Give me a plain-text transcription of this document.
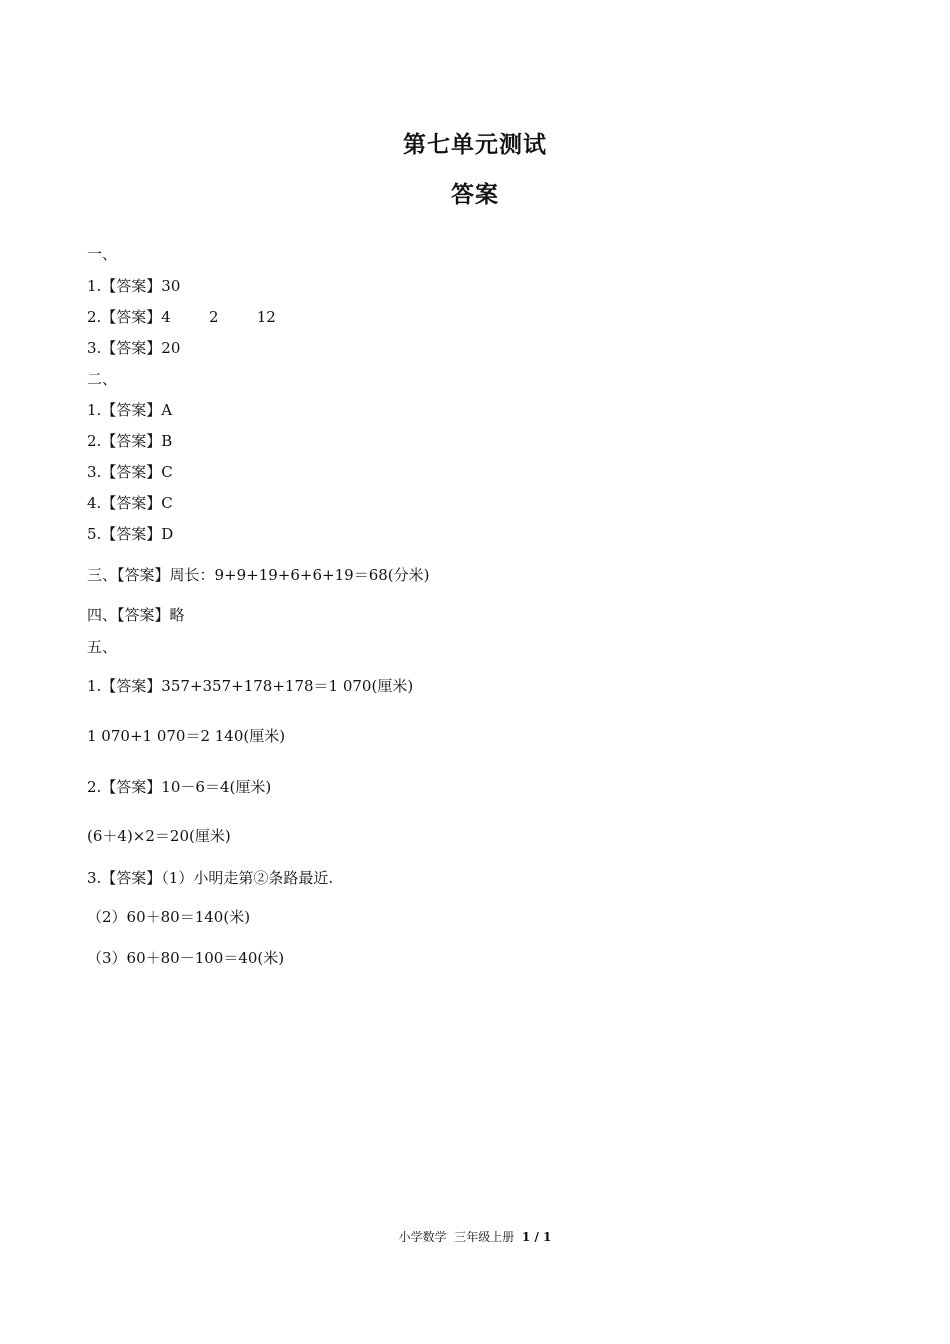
第七单元测试
答案
一、
1.【答案】30
2.【答案】4        2        12
3.【答案】20
二、
1.【答案】A
2.【答案】B
3.【答案】C
4.【答案】C
5.【答案】D
三、【答案】周长：9+9+19+6+6+19＝68(分米)
四、【答案】略
五、
1.【答案】357+357+178+178＝1 070(厘米)
1 070+1 070＝2 140(厘米)
2.【答案】10－6＝4(厘米)
(6＋4)×2＝20(厘米)
3.【答案】（1）小明走第②条路最近.
（2）60＋80＝140(米)
（3）60＋80－100＝40(米)
小学数学  三年级上册 1 / 1
